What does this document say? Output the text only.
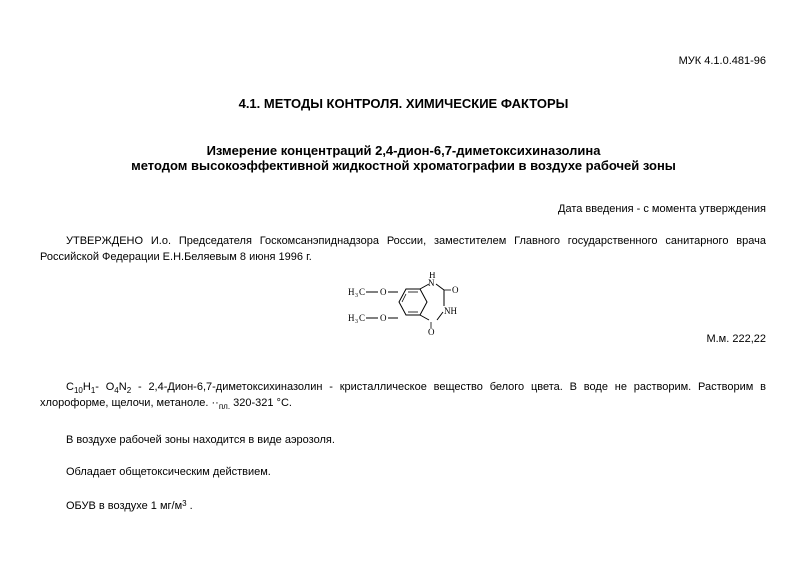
МУК 4.1.0.481-96
4.1. МЕТОДЫ КОНТРОЛЯ. ХИМИЧЕСКИЕ ФАКТОРЫ
Измерение концентраций 2,4-дион-6,7-диметоксихиназолина
методом высокоэффективной жидкостной хроматографии в воздухе рабочей зоны
Дата введения - с момента утверждения
УТВЕРЖДЕНО И.о. Председателя Госкомсанэпиднадзора России, заместителем Главного государственного санитарного врача
Российской Федерации Е.Н.Беляевым 8 июня 1996 г.
H 3 C O
H 3 C O
N
H
O
NH
O
М.м. 222,22
$C_{10}H_1-$ $O_4N_2$ - 2,4-Дион-6,7-диметоксихиназолин - кристаллическое вещество белого цвета. В воде не растворим. Растворим в
хлороформе, щелочи, метаноле. $\cdot\cdot_{пл.}$ 320-321 °С.
В воздухе рабочей зоны находится в виде аэрозоля.
Обладает общетоксическим действием.
ОБУВ в воздухе 1 $мг/м^3$ .
